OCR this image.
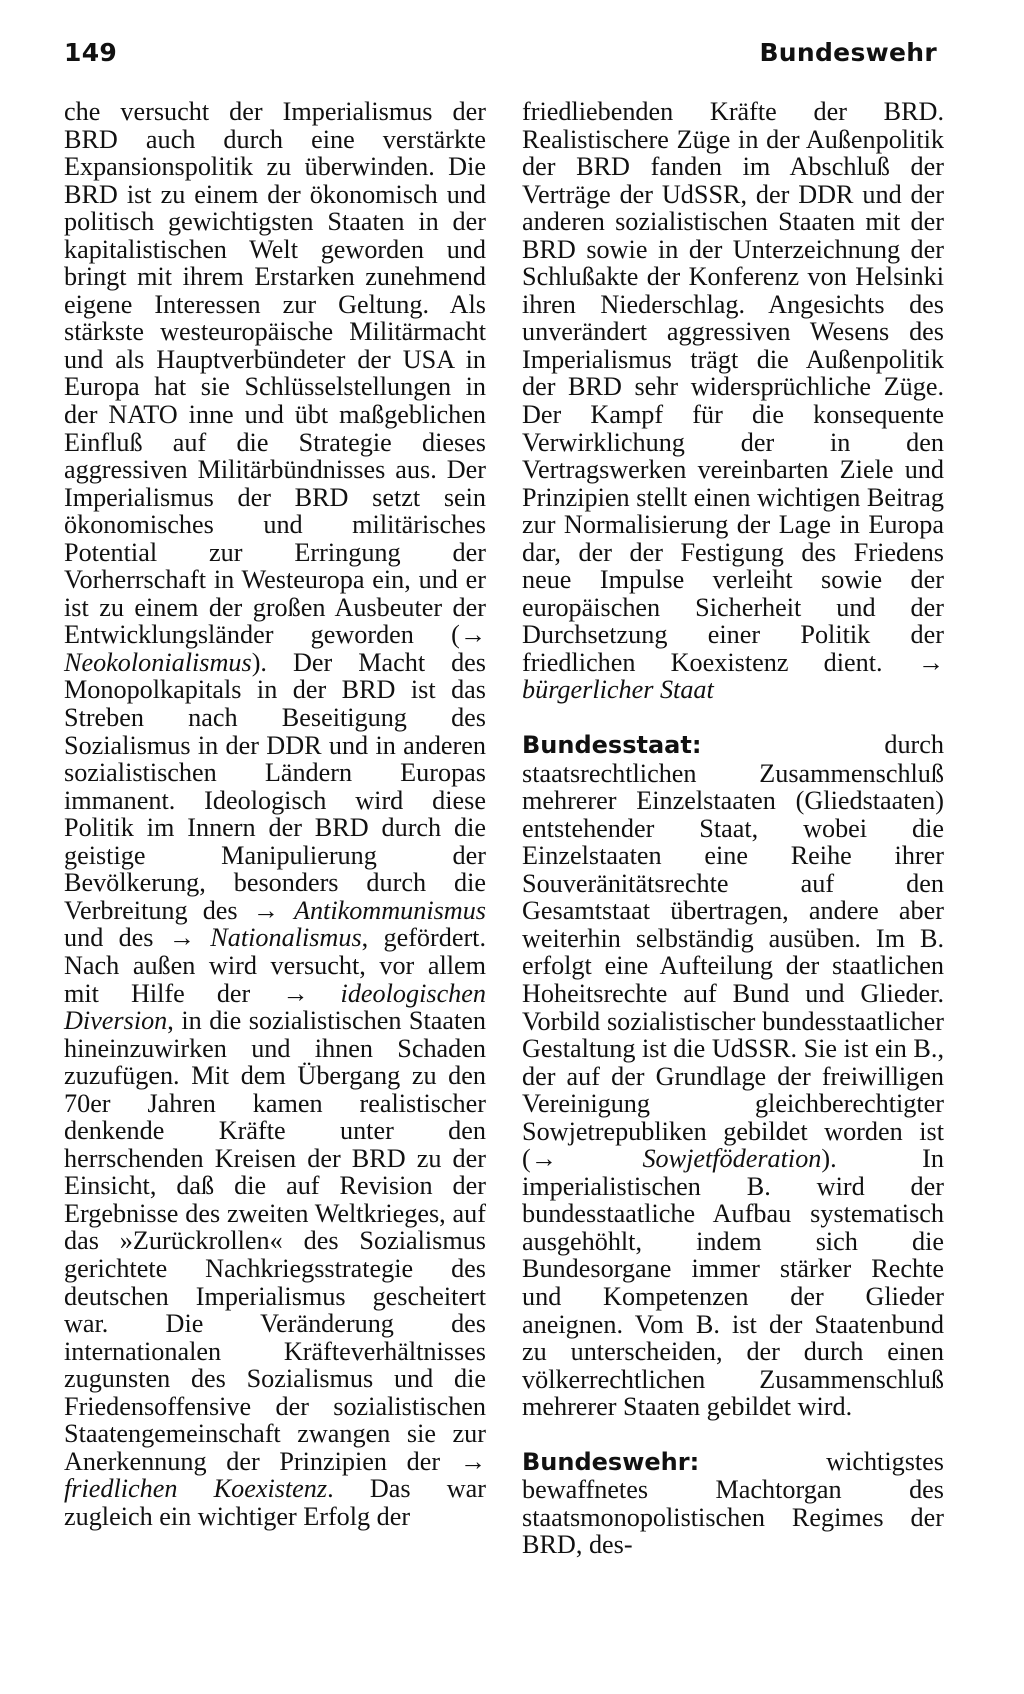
149	Bundeswehr

che versucht der Imperialismus der BRD auch durch eine verstärkte Expansionspolitik zu überwinden. Die BRD ist zu einem der ökonomisch und politisch gewichtigsten Staaten in der kapitalistischen Welt geworden und bringt mit ihrem Erstarken zunehmend eigene Interessen zur Geltung. Als stärkste westeuropäische Militärmacht und als Hauptverbündeter der USA in Europa hat sie Schlüsselstellungen in der NATO inne und übt maßgeblichen Einfluß auf die Strategie dieses aggressiven Militärbündnisses aus. Der Imperialismus der BRD setzt sein ökonomisches und militärisches Potential zur Erringung der Vorherrschaft in Westeuropa ein, und er ist zu einem der großen Ausbeuter der Entwicklungsländer geworden (→ Neokolonialismus). Der Macht des Monopolkapitals in der BRD ist das Streben nach Beseitigung des Sozialismus in der DDR und in anderen sozialistischen Ländern Europas immanent. Ideologisch wird diese Politik im Innern der BRD durch die geistige Manipulierung der Bevölkerung, besonders durch die Verbreitung des → Antikommunismus und des → Nationalismus, gefördert. Nach außen wird versucht, vor allem mit Hilfe der → ideologischen Diversion, in die sozialistischen Staaten hineinzuwirken und ihnen Schaden zuzufügen. Mit dem Übergang zu den 70er Jahren kamen realistischer denkende Kräfte unter den herrschenden Kreisen der BRD zu der Einsicht, daß die auf Revision der Ergebnisse des zweiten Weltkrieges, auf das »Zurückrollen« des Sozialismus gerichtete Nachkriegsstrategie des deutschen Imperialismus gescheitert war. Die Veränderung des internationalen Kräfteverhältnisses zugunsten des Sozialismus und die Friedensoffensive der sozialistischen Staatengemeinschaft zwangen sie zur Anerkennung der Prinzipien der → friedlichen Koexistenz. Das war zugleich ein wichtiger Erfolg der

friedliebenden Kräfte der BRD. Realistischere Züge in der Außenpolitik der BRD fanden im Abschluß der Verträge der UdSSR, der DDR und der anderen sozialistischen Staaten mit der BRD sowie in der Unterzeichnung der Schlußakte der Konferenz von Helsinki ihren Niederschlag. Angesichts des unverändert aggressiven Wesens des Imperialismus trägt die Außenpolitik der BRD sehr widersprüchliche Züge. Der Kampf für die konsequente Verwirklichung der in den Vertragswerken vereinbarten Ziele und Prinzipien stellt einen wichtigen Beitrag zur Normalisierung der Lage in Europa dar, der der Festigung des Friedens neue Impulse verleiht sowie der europäischen Sicherheit und der Durchsetzung einer Politik der friedlichen Koexistenz dient. → bürgerlicher Staat

Bundesstaat: durch staatsrechtlichen Zusammenschluß mehrerer Einzelstaaten (Gliedstaaten) entstehender Staat, wobei die Einzelstaaten eine Reihe ihrer Souveränitätsrechte auf den Gesamtstaat übertragen, andere aber weiterhin selbständig ausüben. Im B. erfolgt eine Aufteilung der staatlichen Hoheitsrechte auf Bund und Glieder. Vorbild sozialistischer bundesstaatlicher Gestaltung ist die UdSSR. Sie ist ein B., der auf der Grundlage der freiwilligen Vereinigung gleichberechtigter Sowjetrepubliken gebildet worden ist (→	Sowjetföderation). In imperialistischen B. wird der bundesstaatliche Aufbau systematisch ausgehöhlt, indem sich die Bundesorgane immer stärker Rechte und Kompetenzen der Glieder aneignen. Vom B. ist der Staatenbund zu unterscheiden, der durch einen völkerrechtlichen Zusammenschluß mehrerer Staaten gebildet wird.

Bundeswehr: wichtigstes bewaffnetes Machtorgan des staatsmonopolistischen Regimes der BRD, des-
